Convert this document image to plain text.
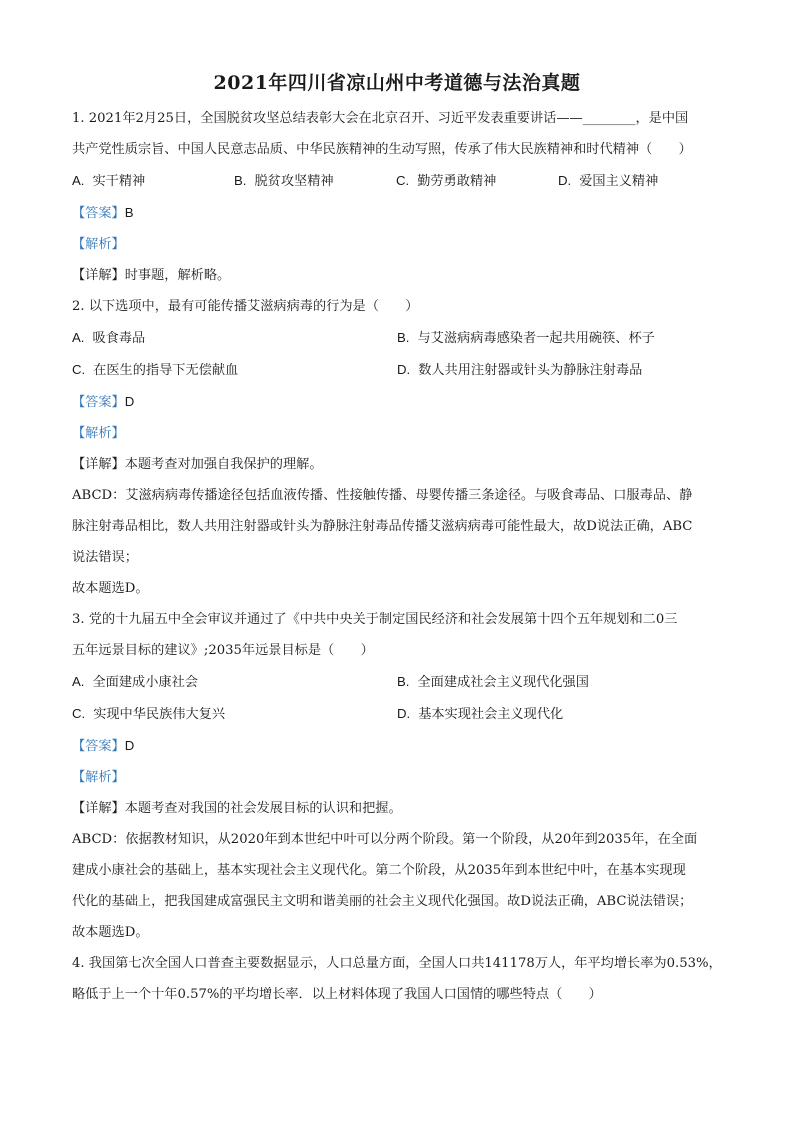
2021年四川省凉山州中考道德与法治真题
1. 2021年2月25日，全国脱贫攻坚总结表彰大会在北京召开、习近平发表重要讲话——________，是中国
共产党性质宗旨、中国人民意志品质、中华民族精神的生动写照，传承了伟大民族精神和时代精神（　　）
A. 实干精神	B. 脱贫攻坚精神	C. 勤劳勇敢精神	D. 爱国主义精神
【答案】B
【解析】
【详解】时事题，解析略。
2. 以下选项中，最有可能传播艾滋病病毒的行为是（　　）
A. 吸食毒品	B. 与艾滋病病毒感染者一起共用碗筷、杯子
C. 在医生的指导下无偿献血	D. 数人共用注射器或针头为静脉注射毒品
【答案】D
【解析】
【详解】本题考查对加强自我保护的理解。
ABCD：艾滋病病毒传播途径包括血液传播、性接触传播、母婴传播三条途径。与吸食毒品、口服毒品、静
脉注射毒品相比，数人共用注射器或针头为静脉注射毒品传播艾滋病病毒可能性最大，故D说法正确，ABC
说法错误；
故本题选D。
3. 党的十九届五中全会审议并通过了《中共中央关于制定国民经济和社会发展第十四个五年规划和二0三
五年远景目标的建议》;2035年远景目标是（　　）
A. 全面建成小康社会	B. 全面建成社会主义现代化强国
C. 实现中华民族伟大复兴	D. 基本实现社会主义现代化
【答案】D
【解析】
【详解】本题考查对我国的社会发展目标的认识和把握。
ABCD：依据教材知识，从2020年到本世纪中叶可以分两个阶段。第一个阶段，从20年到2035年，在全面
建成小康社会的基础上，基本实现社会主义现代化。第二个阶段，从2035年到本世纪中叶，在基本实现现
代化的基础上，把我国建成富强民主文明和谐美丽的社会主义现代化强国。故D说法正确，ABC说法错误；
故本题选D。
4. 我国第七次全国人口普查主要数据显示，人口总量方面，全国人口共141178万人，年平均增长率为0.53%，
略低于上一个十年0.57%的平均增长率．以上材料体现了我国人口国情的哪些特点（　　）
